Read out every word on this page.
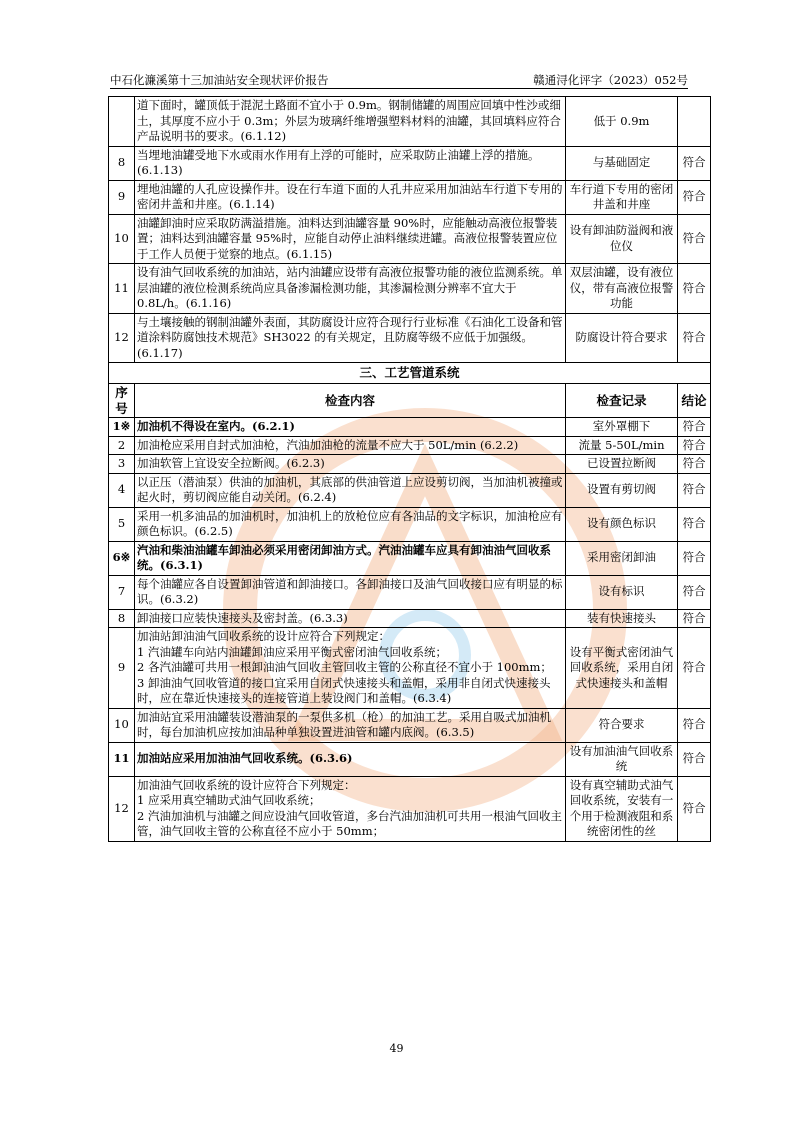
中石化濂溪第十三加油站安全现状评价报告	赣通浔化评字（2023）052号
	道下面时，罐顶低于混泥土路面不宜小于 0.9m。钢制储罐的周围应回填中性沙或细土，其厚度不应小于 0.3m；外层为玻璃纤维增强塑料材料的油罐，其回填料应符合产品说明书的要求。(6.1.12)	低于 0.9m	
8	当埋地油罐受地下水或雨水作用有上浮的可能时，应采取防止油罐上浮的措施。(6.1.13)	与基础固定	符合
9	埋地油罐的人孔应设操作井。设在行车道下面的人孔井应采用加油站车行道下专用的密闭井盖和井座。(6.1.14)	车行道下专用的密闭井盖和井座	符合
10	油罐卸油时应采取防满溢措施。油料达到油罐容量 90%时，应能触动高液位报警装置；油料达到油罐容量 95%时，应能自动停止油料继续进罐。高液位报警装置应位于工作人员便于觉察的地点。(6.1.15)	设有卸油防溢阀和液位仪	符合
11	设有油气回收系统的加油站，站内油罐应设带有高液位报警功能的液位监测系统。单层油罐的液位检测系统尚应具备渗漏检测功能，其渗漏检测分辨率不宜大于 0.8L/h。(6.1.16)	双层油罐，设有液位仪，带有高液位报警功能	符合
12	与土壤接触的钢制油罐外表面，其防腐设计应符合现行行业标准《石油化工设备和管道涂料防腐蚀技术规范》SH3022 的有关规定，且防腐等级不应低于加强级。(6.1.17)	防腐设计符合要求	符合
三、工艺管道系统			
序号	检查内容	检查记录	结论
1※	加油机不得设在室内。(6.2.1)	室外罩棚下	符合
2	加油枪应采用自封式加油枪，汽油加油枪的流量不应大于 50L/min (6.2.2)	流量 5-50L/min	符合
3	加油软管上宜设安全拉断阀。(6.2.3)	已设置拉断阀	符合
4	以正压（潜油泵）供油的加油机，其底部的供油管道上应设剪切阀，当加油机被撞或起火时，剪切阀应能自动关闭。(6.2.4)	设置有剪切阀	符合
5	采用一机多油品的加油机时，加油机上的放枪位应有各油品的文字标识，加油枪应有颜色标识。(6.2.5)	设有颜色标识	符合
6※	汽油和柴油油罐车卸油必须采用密闭卸油方式。汽油油罐车应具有卸油油气回收系统。(6.3.1)	采用密闭卸油	符合
7	每个油罐应各自设置卸油管道和卸油接口。各卸油接口及油气回收接口应有明显的标识。(6.3.2)	设有标识	符合
8	卸油接口应装快速接头及密封盖。(6.3.3)	装有快速接头	符合
9	加油站卸油油气回收系统的设计应符合下列规定：
1 汽油罐车向站内油罐卸油应采用平衡式密闭油气回收系统；
2 各汽油罐可共用一根卸油油气回收主管回收主管的公称直径不宜小于 100mm；
3 卸油油气回收管道的接口宜采用自闭式快速接头和盖帽，采用非自闭式快速接头时，应在靠近快速接头的连接管道上装设阀门和盖帽。(6.3.4)	设有平衡式密闭油气回收系统，采用自闭式快速接头和盖帽	符合
10	加油站宜采用油罐装设潜油泵的一泵供多机（枪）的加油工艺。采用自吸式加油机时，每台加油机应按加油品种单独设置进油管和罐内底阀。(6.3.5)	符合要求	符合
11	加油站应采用加油油气回收系统。(6.3.6)	设有加油油气回收系统	符合
12	加油油气回收系统的设计应符合下列规定：
1 应采用真空辅助式油气回收系统；
2 汽油加油机与油罐之间应设油气回收管道，多台汽油加油机可共用一根油气回收主管，油气回收主管的公称直径不应小于 50mm；	设有真空辅助式油气回收系统，安装有一个用于检测液阻和系统密闭性的丝	符合
49
